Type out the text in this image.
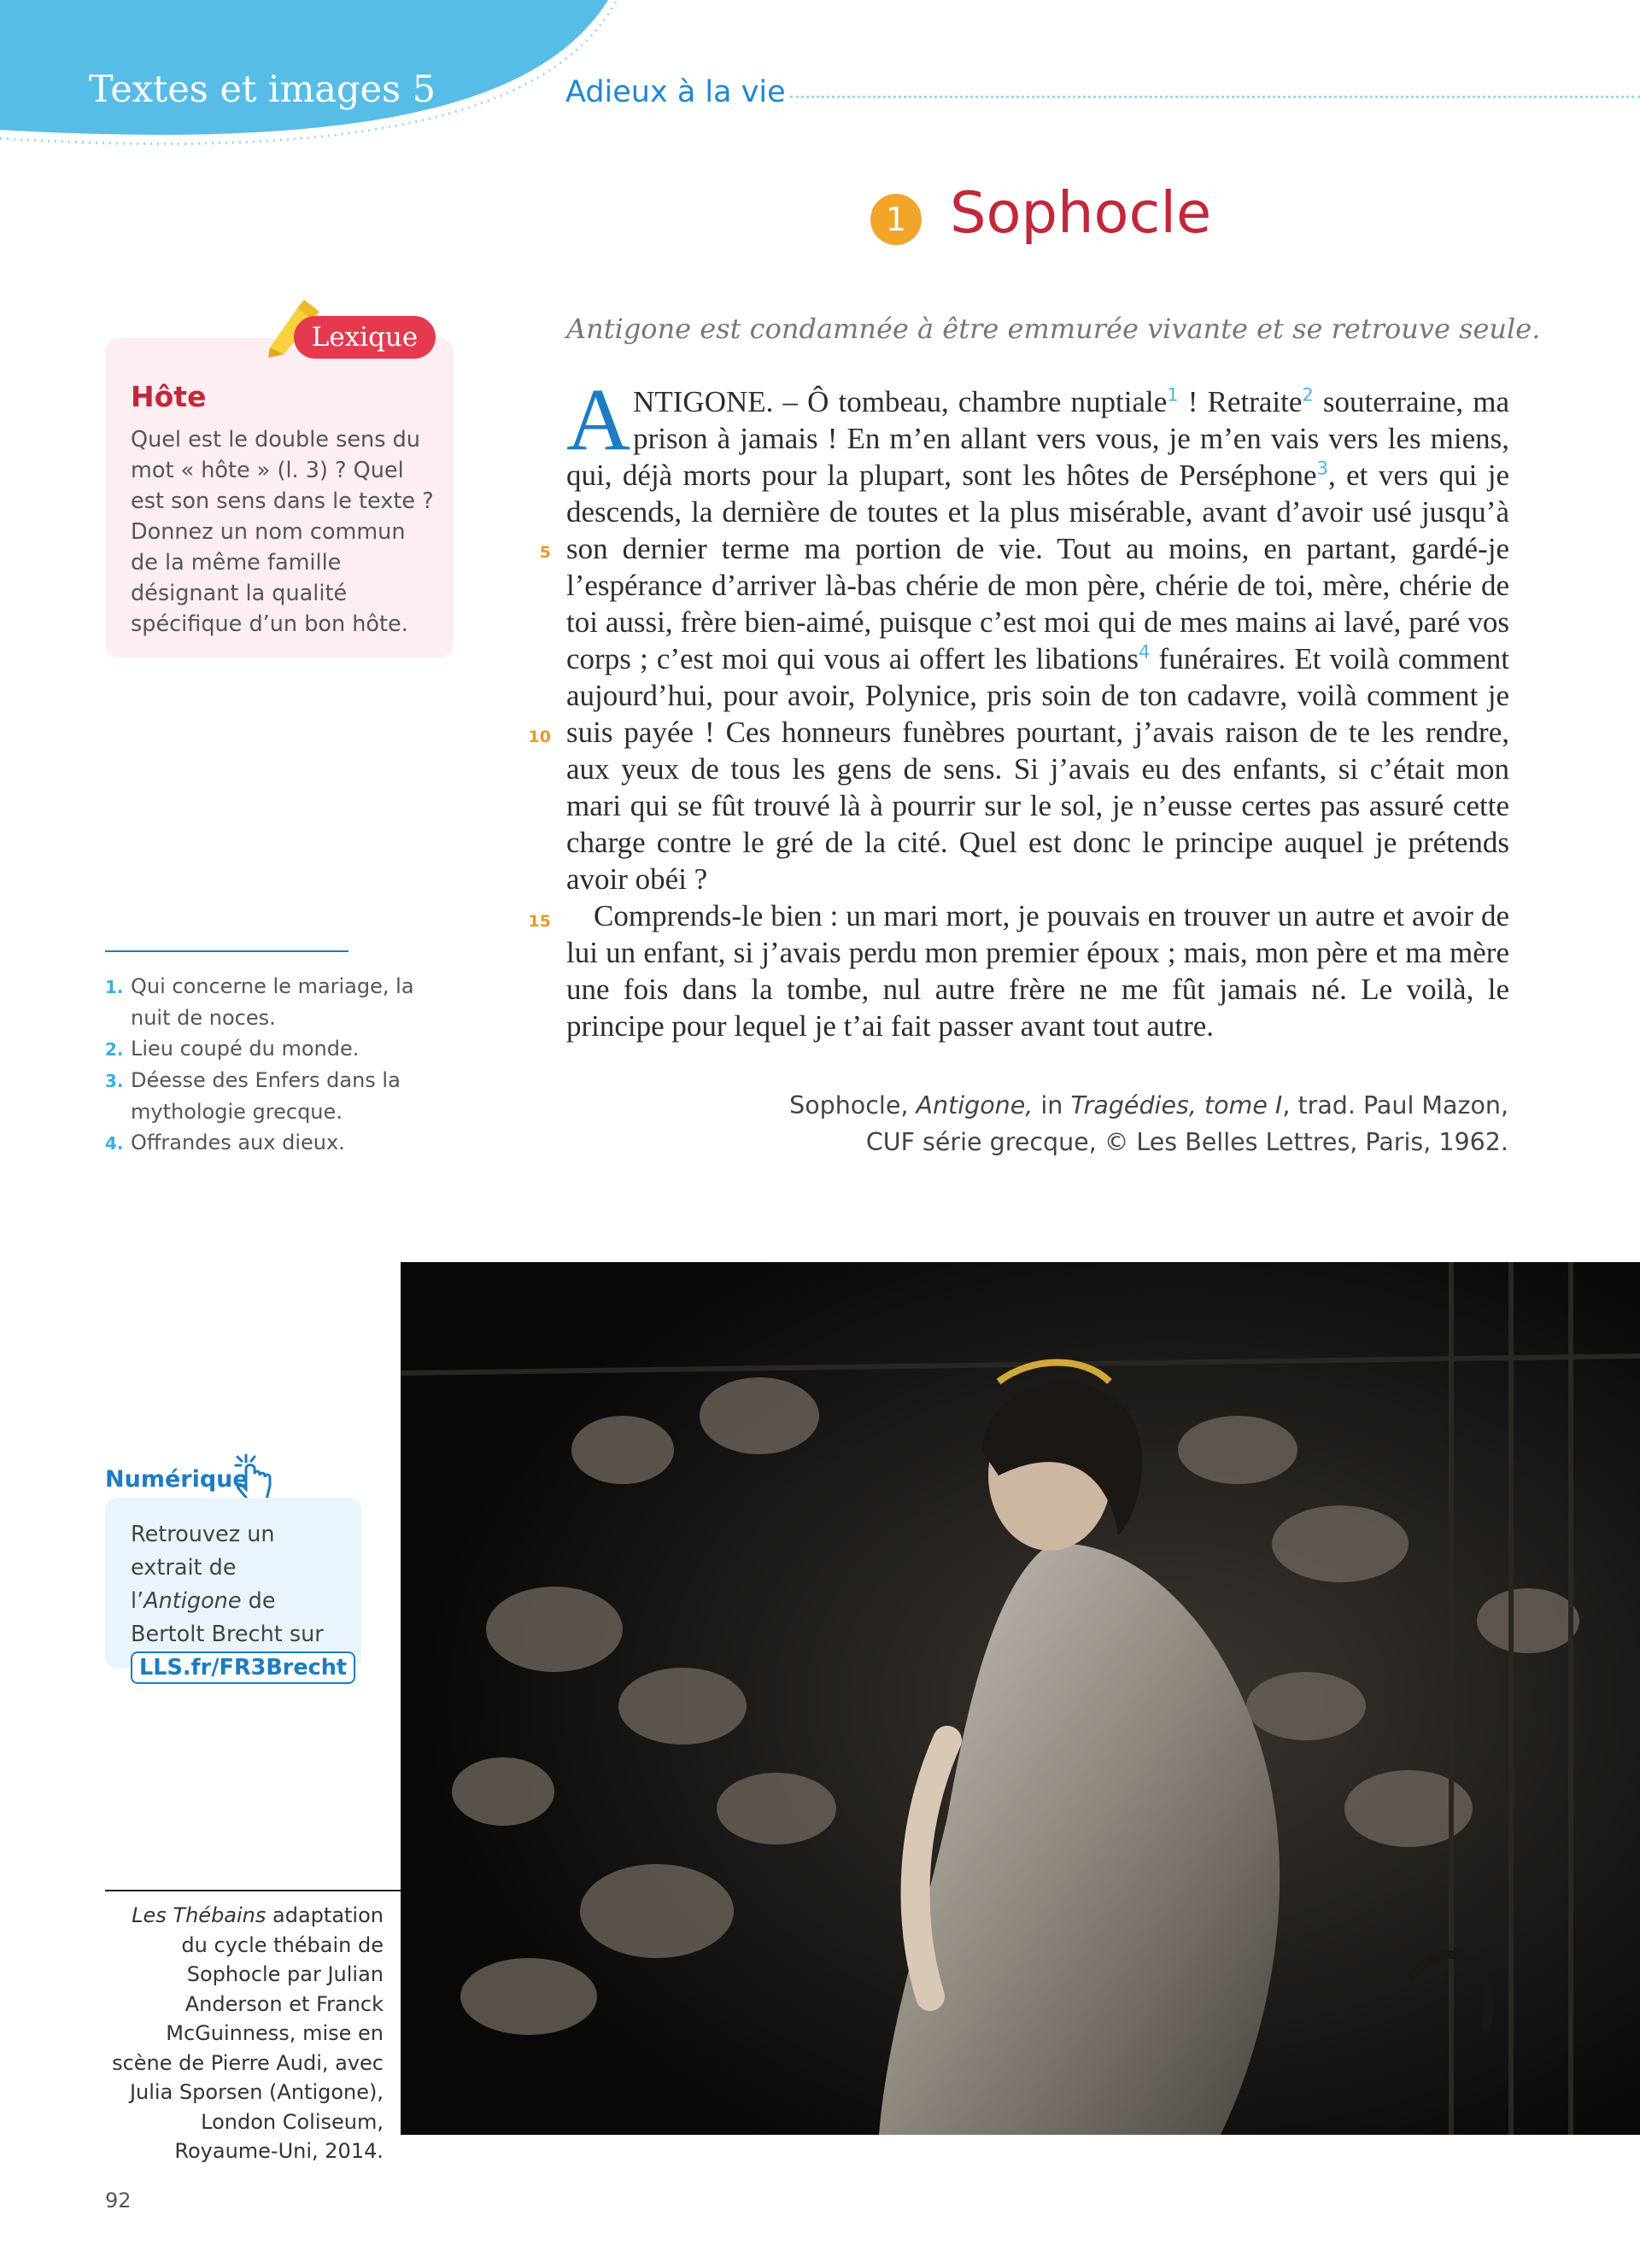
Textes et images 5	Adieux à la vie
1 Sophocle
Lexique
Hôte
Quel est le double sens du mot « hôte » (l. 3) ? Quel est son sens dans le texte ? Donnez un nom commun de la même famille désignant la qualité spécifique d’un bon hôte.
Antigone est condamnée à être emmurée vivante et se retrouve seule.
5
10
15

ANTIGONE. – Ô tombeau, chambre nuptiale$^1$ ! Retraite$^2$ souterraine, ma prison à jamais ! En m’en allant vers vous, je m’en vais vers les miens, qui, déjà morts pour la plupart, sont les hôtes de Perséphone$^3$, et vers qui je descends, la dernière de toutes et la plus misérable, avant d’avoir usé jusqu’à son dernier terme ma portion de vie. Tout au moins, en partant, gardé-je l’espérance d’arriver là-bas chérie de mon père, chérie de toi, mère, chérie de toi aussi, frère bien-aimé, puisque c’est moi qui de mes mains ai lavé, paré vos corps ; c’est moi qui vous ai offert les libations$^4$ funéraires. Et voilà comment aujourd’hui, pour avoir, Polynice, pris soin de ton cadavre, voilà comment je suis payée ! Ces honneurs funèbres pourtant, j’avais raison de te les rendre, aux yeux de tous les gens de sens. Si j’avais eu des enfants, si c’était mon mari qui se fût trouvé là à pourrir sur le sol, je n’eusse certes pas assuré cette charge contre le gré de la cité. Quel est donc le principe auquel je prétends avoir obéi ?

Comprends-le bien : un mari mort, je pouvais en trouver un autre et avoir de lui un enfant, si j’avais perdu mon premier époux ; mais, mon père et ma mère une fois dans la tombe, nul autre frère ne me fût jamais né. Le voilà, le principe pour lequel je t’ai fait passer avant tout autre.

Sophocle, Antigone, in Tragédies, tome I, trad. Paul Mazon,
CUF série grecque, © Les Belles Lettres, Paris, 1962.
1. Qui concerne le mariage, la nuit de noces.
2. Lieu coupé du monde.
3. Déesse des Enfers dans la mythologie grecque.
4. Offrandes aux dieux.
Numérique
Retrouvez un extrait de l’Antigone de Bertolt Brecht sur
LLS.fr/FR3Brecht
Les Thébains adaptation du cycle thébain de Sophocle par Julian Anderson et Franck McGuinness, mise en scène de Pierre Audi, avec Julia Sporsen (Antigone), London Coliseum, Royaume-Uni, 2014.
92
